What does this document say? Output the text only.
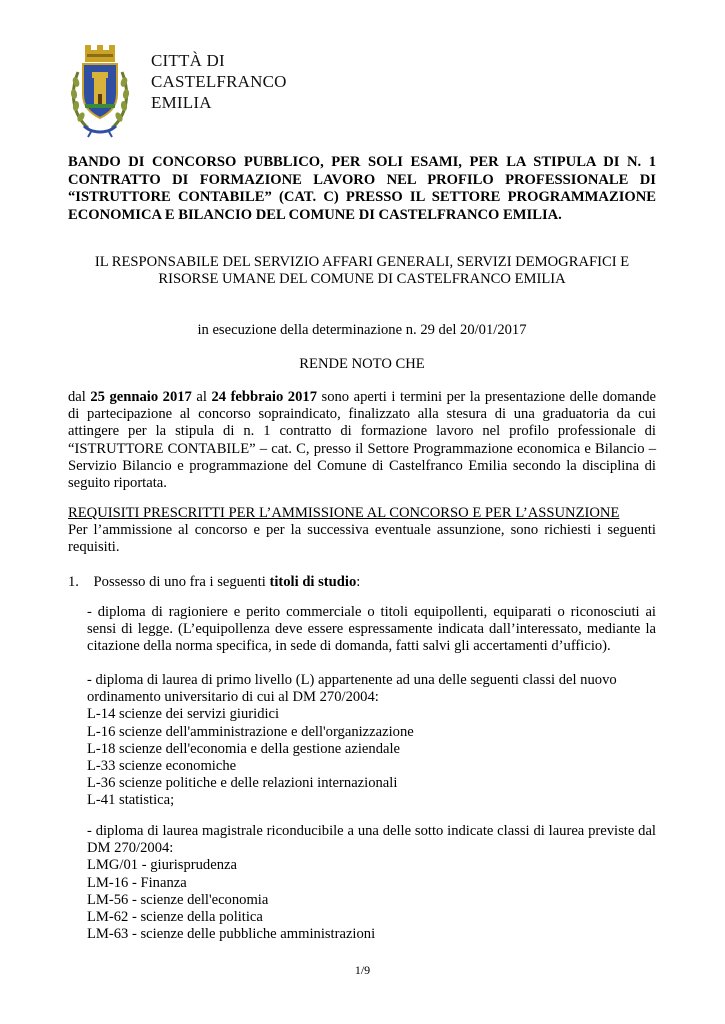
CITTÀ DI
CASTELFRANCO
EMILIA
BANDO DI CONCORSO PUBBLICO, PER SOLI ESAMI, PER LA STIPULA DI N. 1
CONTRATTO DI FORMAZIONE LAVORO NEL PROFILO PROFESSIONALE DI
“ISTRUTTORE CONTABILE” (CAT. C) PRESSO IL SETTORE PROGRAMMAZIONE
ECONOMICA E BILANCIO DEL COMUNE DI CASTELFRANCO EMILIA.
IL RESPONSABILE DEL SERVIZIO AFFARI GENERALI, SERVIZI DEMOGRAFICI E
RISORSE UMANE DEL COMUNE DI CASTELFRANCO EMILIA
in esecuzione della determinazione n. 29 del 20/01/2017
RENDE NOTO CHE
dal 25 gennaio 2017 al 24 febbraio 2017 sono aperti i termini per la presentazione delle domande
di partecipazione al concorso sopraindicato, finalizzato alla stesura di una graduatoria da cui
attingere per la stipula di n. 1 contratto di formazione lavoro nel profilo professionale di
“ISTRUTTORE CONTABILE” – cat. C, presso il Settore Programmazione economica e Bilancio –
Servizio Bilancio e programmazione del Comune di Castelfranco Emilia secondo la disciplina di
seguito riportata.
REQUISITI PRESCRITTI PER L’AMMISSIONE AL CONCORSO E PER L’ASSUNZIONE
Per l’ammissione al concorso e per la successiva eventuale assunzione, sono richiesti i seguenti
requisiti.
1. Possesso di uno fra i seguenti titoli di studio:
- diploma di ragioniere e perito commerciale o titoli equipollenti, equiparati o riconosciuti ai
sensi di legge. (L’equipollenza deve essere espressamente indicata dall’interessato, mediante la
citazione della norma specifica, in sede di domanda, fatti salvi gli accertamenti d’ufficio).
- diploma di laurea di primo livello (L) appartenente ad una delle seguenti classi del nuovo
ordinamento universitario di cui al DM 270/2004:
L-14 scienze dei servizi giuridici
L-16 scienze dell'amministrazione e dell'organizzazione
L-18 scienze dell'economia e della gestione aziendale
L-33 scienze economiche
L-36 scienze politiche e delle relazioni internazionali
L-41 statistica;
- diploma di laurea magistrale riconducibile a una delle sotto indicate classi di laurea previste dal
DM 270/2004:
LMG/01 - giurisprudenza
LM-16 - Finanza
LM-56 - scienze dell'economia
LM-62 - scienze della politica
LM-63 - scienze delle pubbliche amministrazioni
1/9
